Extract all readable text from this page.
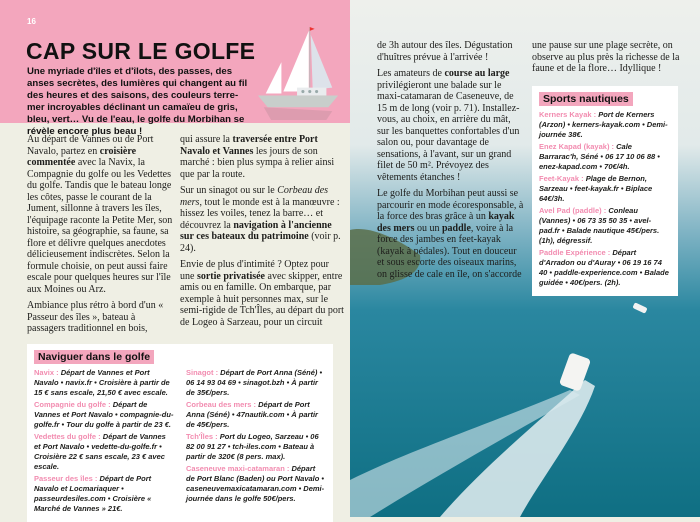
16
CAP SUR LE GOLFE
Une myriade d'îles et d'îlots, des passes, des anses secrètes, des lumières qui changent au fil des heures et des saisons, des couleurs terre-mer incroyables déclinant un camaïeu de gris, bleu, vert… Vu de l'eau, le golfe du Morbihan se révèle encore plus beau !

Au départ de Vannes ou de Port Navalo, partez en croisière commentée avec la Navix, la Compagnie du golfe ou les Vedettes du golfe. Tandis que le bateau longe les côtes, passe le courant de la Jument, sillonne à travers les îles, l'équipage raconte la Petite Mer, son histoire, sa géographie, sa faune, sa flore et délivre quelques anecdotes délicieusement indiscrètes. Selon la formule choisie, on peut aussi faire escale pour quelques heures sur l'île aux Moines ou Arz.

Ambiance plus rétro à bord d'un « Passeur des îles », bateau à passagers traditionnel en bois,

qui assure la traversée entre Port Navalo et Vannes les jours de son marché : bien plus sympa à relier ainsi que par la route.

Sur un sinagot ou sur le Corbeau des mers, tout le monde est à la manœuvre : hissez les voiles, tenez la barre… et découvrez la navigation à l'ancienne sur ces bateaux du patrimoine (voir p. 24).

Envie de plus d'intimité ? Optez pour une sortie privatisée avec skipper, entre amis ou en famille. On embarque, par exemple à huit personnes max, sur le semi-rigide de Tch'Îles, au départ du port de Logeo à Sarzeau, pour un circuit

Naviguer dans le golfe
Navix : Départ de Vannes et Port Navalo • navix.fr • Croisière à partir de 15 € sans escale, 21,50 € avec escale.
Compagnie du golfe : Départ de Vannes et Port Navalo • compagnie-du-golfe.fr • Tour du golfe à partir de 23 €.
Vedettes du golfe : Départ de Vannes et Port Navalo • vedette-du-golfe.fr • Croisière 22 € sans escale, 23 € avec escale.
Passeur des îles : Départ de Port Navalo et Locmariaquer • passeurdesiles.com • Croisière « Marché de Vannes » 21€.
Sinagot : Départ de Port Anna (Séné) • 06 14 93 04 69 • sinagot.bzh • À partir de 35€/pers.
Corbeau des mers : Départ de Port Anna (Séné) • 47nautik.com • À partir de 45€/pers.
Tch'Îles : Port du Logeo, Sarzeau • 06 82 00 91 27 • tch-iles.com • Bateau à partir de 320€ (8 pers. max).
Caseneuve maxi-catamaran : Départ de Port Blanc (Baden) ou Port Navalo • caseneuvemaxicatamaran.com • Demi-journée dans le golfe 50€/pers.

de 3h autour des îles. Dégustation d'huîtres prévue à l'arrivée !

Les amateurs de course au large privilégieront une balade sur le maxi-catamaran de Caseneuve, de 15 m de long (voir p. 71). Installez-vous, au choix, en arrière du mât, sur les banquettes confortables d'un salon ou, pour davantage de sensations, à l'avant, sur un grand filet de 50 m². Prévoyez des vêtements étanches !

Le golfe du Morbihan peut aussi se parcourir en mode écoresponsable, à la force des bras grâce à un kayak des mers ou un paddle, voire à la force des jambes en feet-kayak (kayak à pédales). Tout en douceur et sous escorte des oiseaux marins, on glisse de cale en île, on s'accorde

une pause sur une plage secrète, on observe au plus près la richesse de la faune et de la flore… Idyllique !

Sports nautiques
Kerners Kayak : Port de Kerners (Arzon) • kerners-kayak.com • Demi-journée 38€.
Enez Kapad (kayak) : Cale Barrarac'h, Séné • 06 17 10 06 88 • enez-kapad.com • 70€/4h.
Feet-Kayak : Plage de Bernon, Sarzeau • feet-kayak.fr • Biplace 64€/3h.
Avel Pad (paddle) : Conleau (Vannes) • 06 73 35 50 35 • avel-pad.fr • Balade nautique 45€/pers. (1h), dégressif.
Paddle Expérience : Départ d'Arradon ou d'Auray • 06 19 16 74 40 • paddle-experience.com • Balade guidée • 40€/pers. (2h).
